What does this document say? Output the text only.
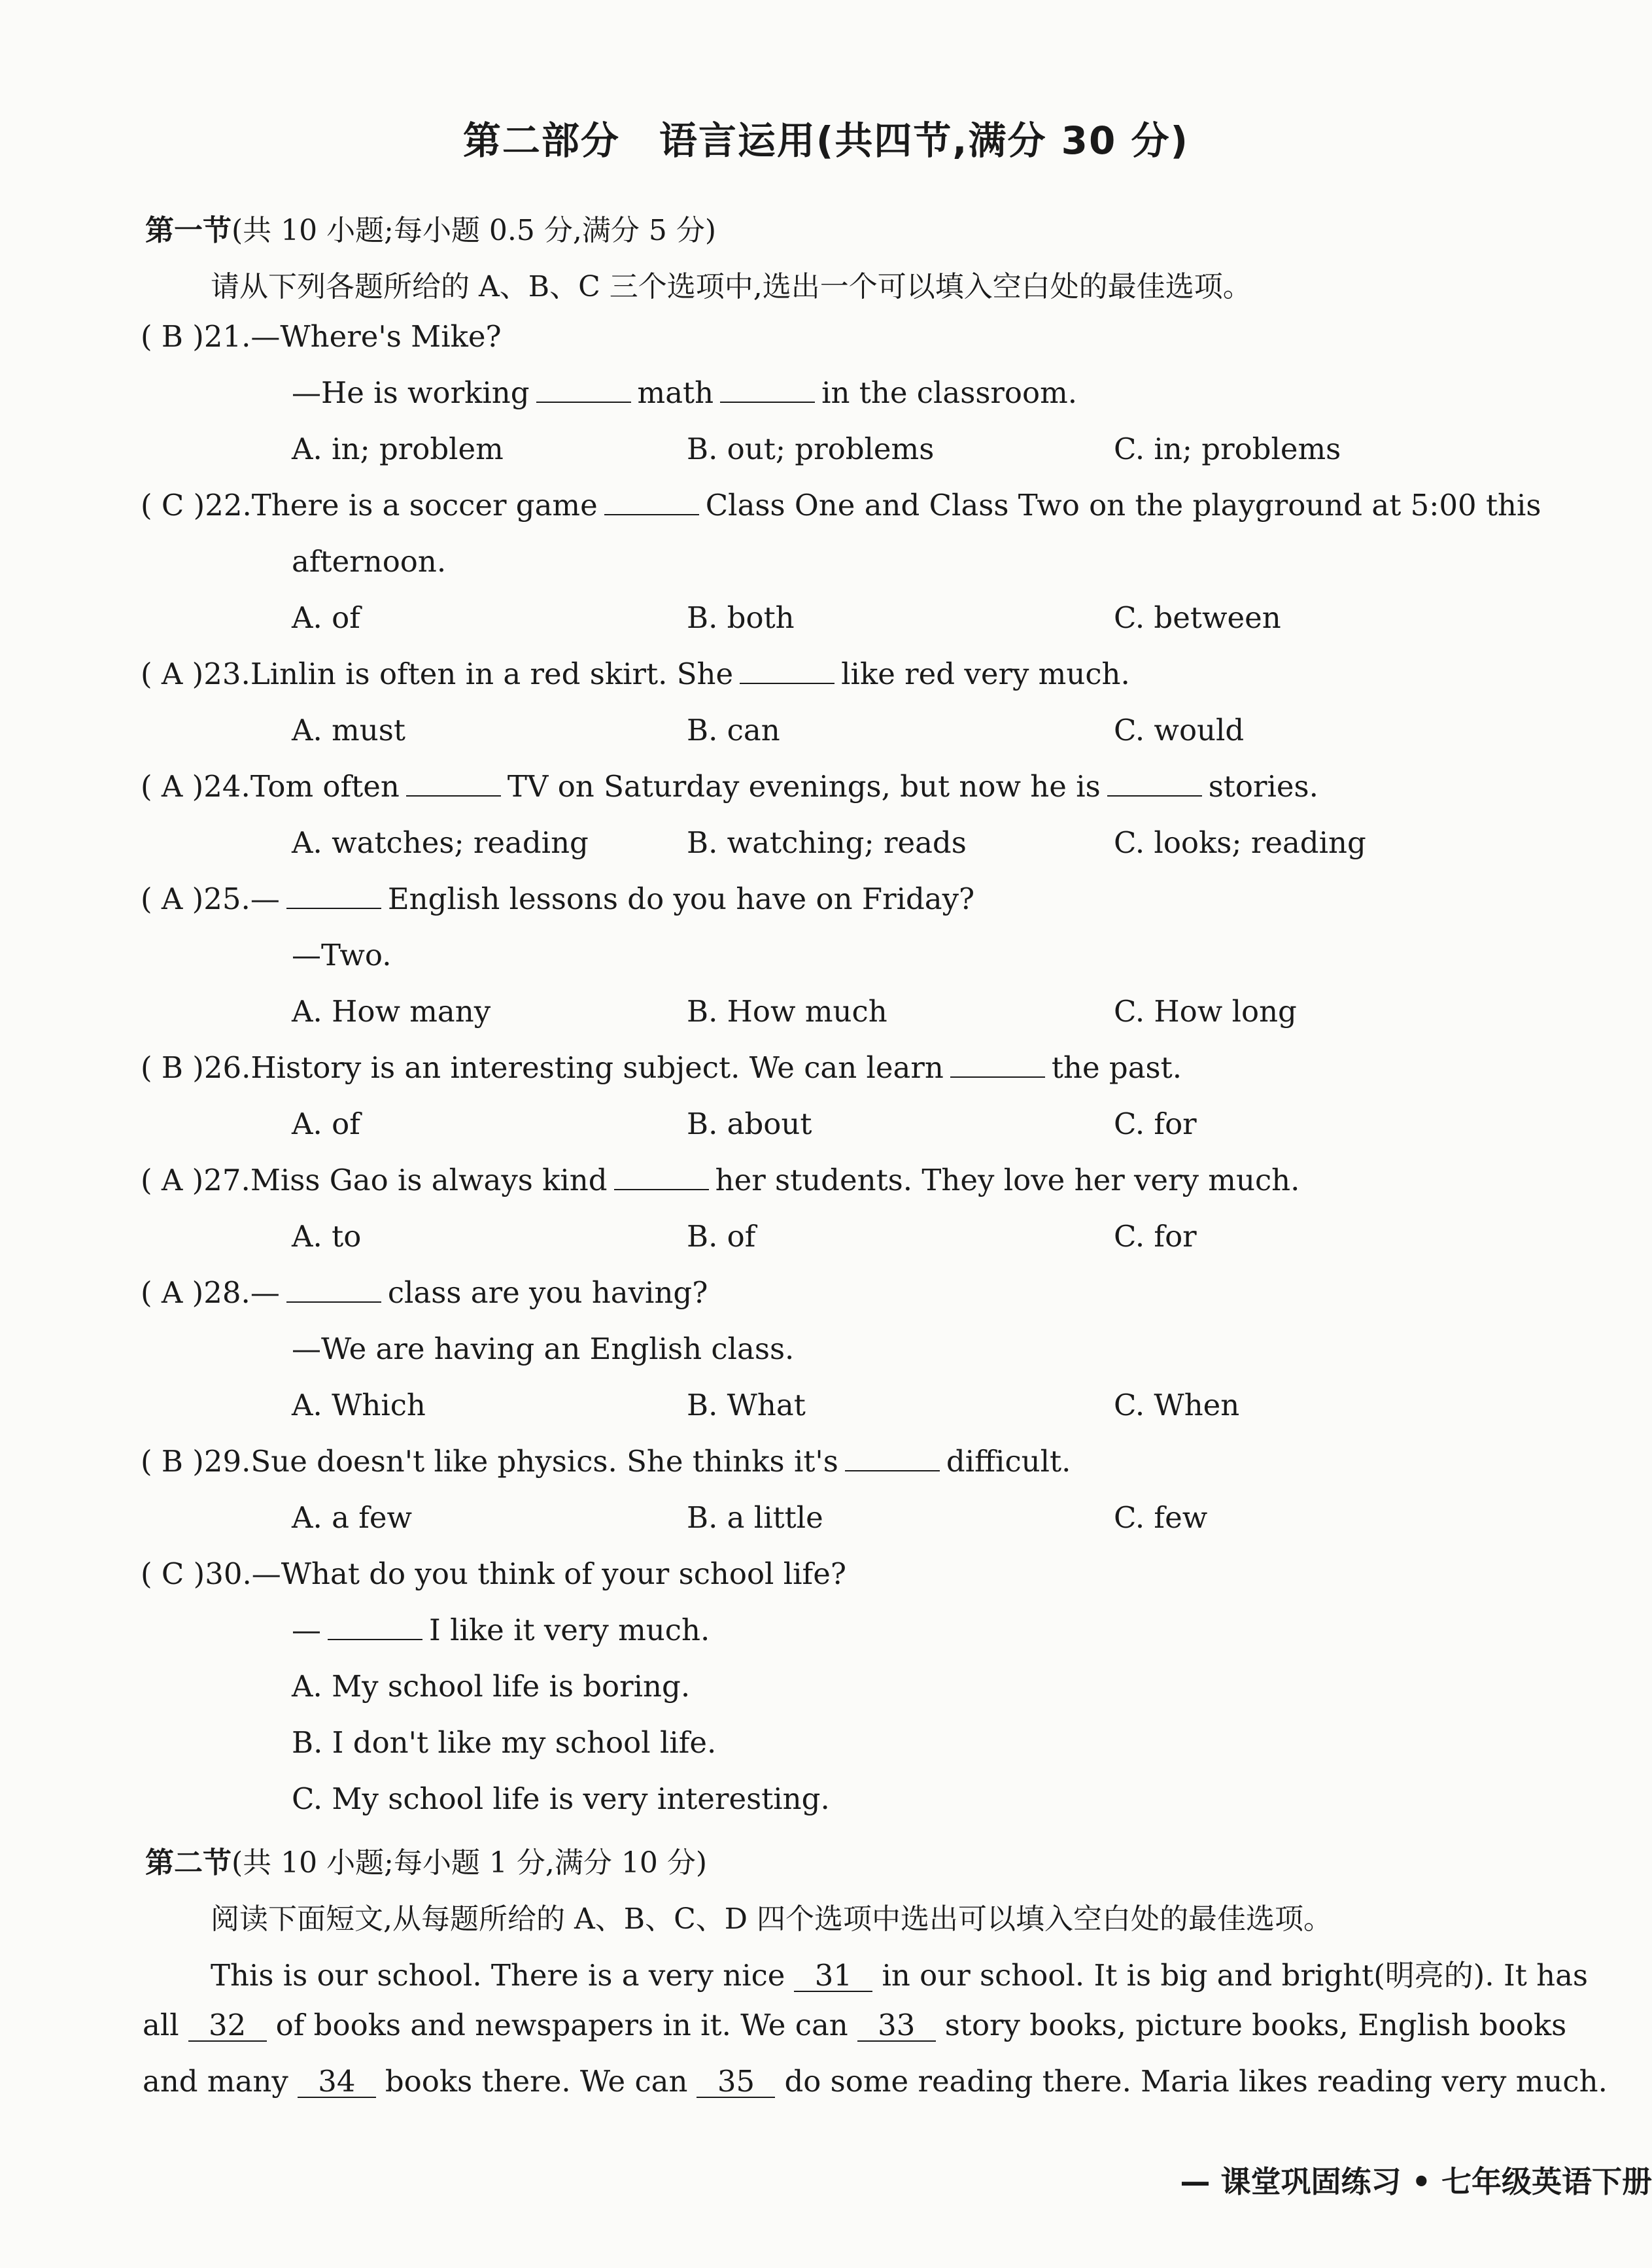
第二部分 语言运用(共四节,满分 30 分)
第一节(共 10 小题;每小题 0.5 分,满分 5 分)
请从下列各题所给的 A、B、C 三个选项中,选出一个可以填入空白处的最佳选项。
( B )21.—Where's Mike?
—He is working	math	in the classroom.
A. in; problem	B. out; problems	C. in; problems
( C )22.There is a soccer game	Class One and Class Two on the playground at 5:00 this
afternoon.
A. of	B. both	C. between
( A )23.Linlin is often in a red skirt. She	like red very much.
A. must	B. can	C. would
( A )24.Tom often	TV on Saturday evenings, but now he is	stories.
A. watches; reading	B. watching; reads	C. looks; reading
( A )25.—	English lessons do you have on Friday?
—Two.
A. How many	B. How much	C. How long
( B )26.History is an interesting subject. We can learn	the past.
A. of	B. about	C. for
( A )27.Miss Gao is always kind	her students. They love her very much.
A. to	B. of	C. for
( A )28.—	class are you having?
—We are having an English class.
A. Which	B. What	C. When
( B )29.Sue doesn't like physics. She thinks it's	difficult.
A. a few	B. a little	C. few
( C )30.—What do you think of your school life?
—	I like it very much.
A. My school life is boring.
B. I don't like my school life.
C. My school life is very interesting.
第二节(共 10 小题;每小题 1 分,满分 10 分)
阅读下面短文,从每题所给的 A、B、C、D 四个选项中选出可以填入空白处的最佳选项。
This is our school. There is a very nice 31 in our school. It is big and bright(明亮的). It has
all 32 of books and newspapers in it. We can 33 story books, picture books, English books
and many 34 books there. We can 35 do some reading there. Maria likes reading very much.
— 课堂巩固练习 • 七年级英语下册
